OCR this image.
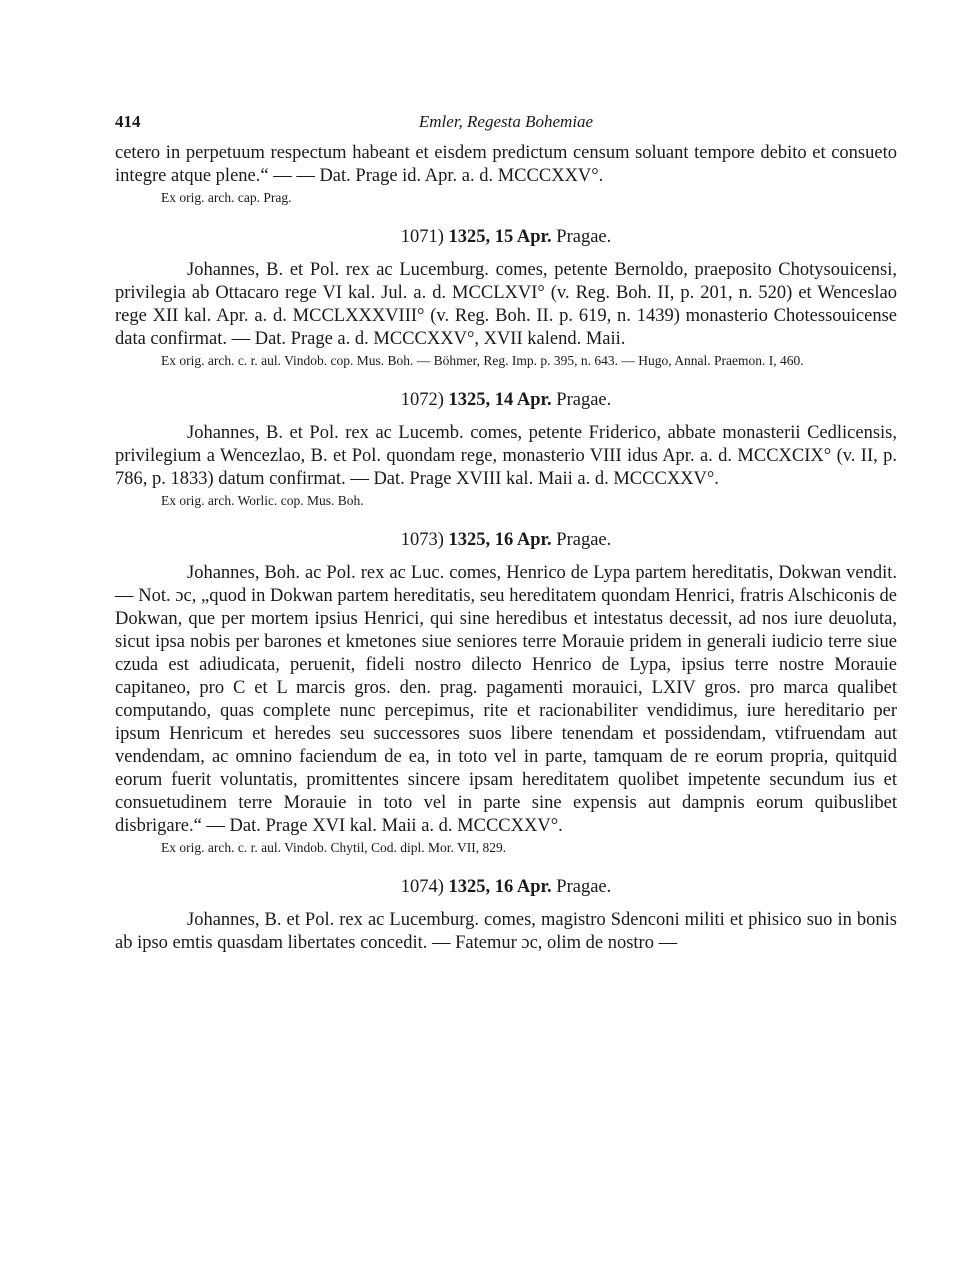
414	Emler, Regesta Bohemiae

cetero in perpetuum respectum habeant et eisdem predictum censum soluant tempore debito et consueto integre atque plene.“ — — Dat. Prage id. Apr. a. d. MCCCXXV°.

Ex orig. arch. cap. Prag.

1071) 1325, 15 Apr. Pragae.

Johannes, B. et Pol. rex ac Lucemburg. comes, petente Bernoldo, praeposito Chotysouicensi, privilegia ab Ottacaro rege VI kal. Jul. a. d. MCCLXVI° (v. Reg. Boh. II, p. 201, n. 520) et Wenceslao rege XII kal. Apr. a. d. MCCLXXXVIII° (v. Reg. Boh. II. p. 619, n. 1439) monasterio Chotessouicense data confirmat. — Dat. Prage a. d. MCCCXXV°, XVII kalend. Maii.

Ex orig. arch. c. r. aul. Vindob. cop. Mus. Boh. — Böhmer, Reg. Imp. p. 395, n. 643. — Hugo, Annal. Praemon. I, 460.

1072) 1325, 14 Apr. Pragae.

Johannes, B. et Pol. rex ac Lucemb. comes, petente Friderico, abbate monasterii Cedlicensis, privilegium a Wencezlao, B. et Pol. quondam rege, monasterio VIII idus Apr. a. d. MCCXCIX° (v. II, p. 786, p. 1833) datum confirmat. — Dat. Prage XVIII kal. Maii a. d. MCCCXXV°.

Ex orig. arch. Worlic. cop. Mus. Boh.

1073) 1325, 16 Apr. Pragae.

Johannes, Boh. ac Pol. rex ac Luc. comes, Henrico de Lypa partem hereditatis, Dokwan vendit. — Not. ɔc, „quod in Dokwan partem hereditatis, seu hereditatem quondam Henrici, fratris Alschiconis de Dokwan, que per mortem ipsius Henrici, qui sine heredibus et intestatus decessit, ad nos iure deuoluta, sicut ipsa nobis per barones et kmetones siue seniores terre Morauie pridem in generali iudicio terre siue czuda est adiudicata, peruenit, fideli nostro dilecto Henrico de Lypa, ipsius terre nostre Morauie capitaneo, pro C et L marcis gros. den. prag. pagamenti morauici, LXIV gros. pro marca qualibet computando, quas complete nunc percepimus, rite et racionabiliter vendidimus, iure hereditario per ipsum Henricum et heredes seu successores suos libere tenendam et possidendam, vtifruendam aut vendendam, ac omnino faciendum de ea, in toto vel in parte, tamquam de re eorum propria, quitquid eorum fuerit voluntatis, promittentes sincere ipsam hereditatem quolibet impetente secundum ius et consuetudinem terre Morauie in toto vel in parte sine expensis aut dampnis eorum quibuslibet disbrigare.“ — Dat. Prage XVI kal. Maii a. d. MCCCXXV°.

Ex orig. arch. c. r. aul. Vindob. Chytil, Cod. dipl. Mor. VII, 829.

1074) 1325, 16 Apr. Pragae.

Johannes, B. et Pol. rex ac Lucemburg. comes, magistro Sdenconi militi et phisico suo in bonis ab ipso emtis quasdam libertates concedit. — Fatemur ɔc, olim de nostro —
